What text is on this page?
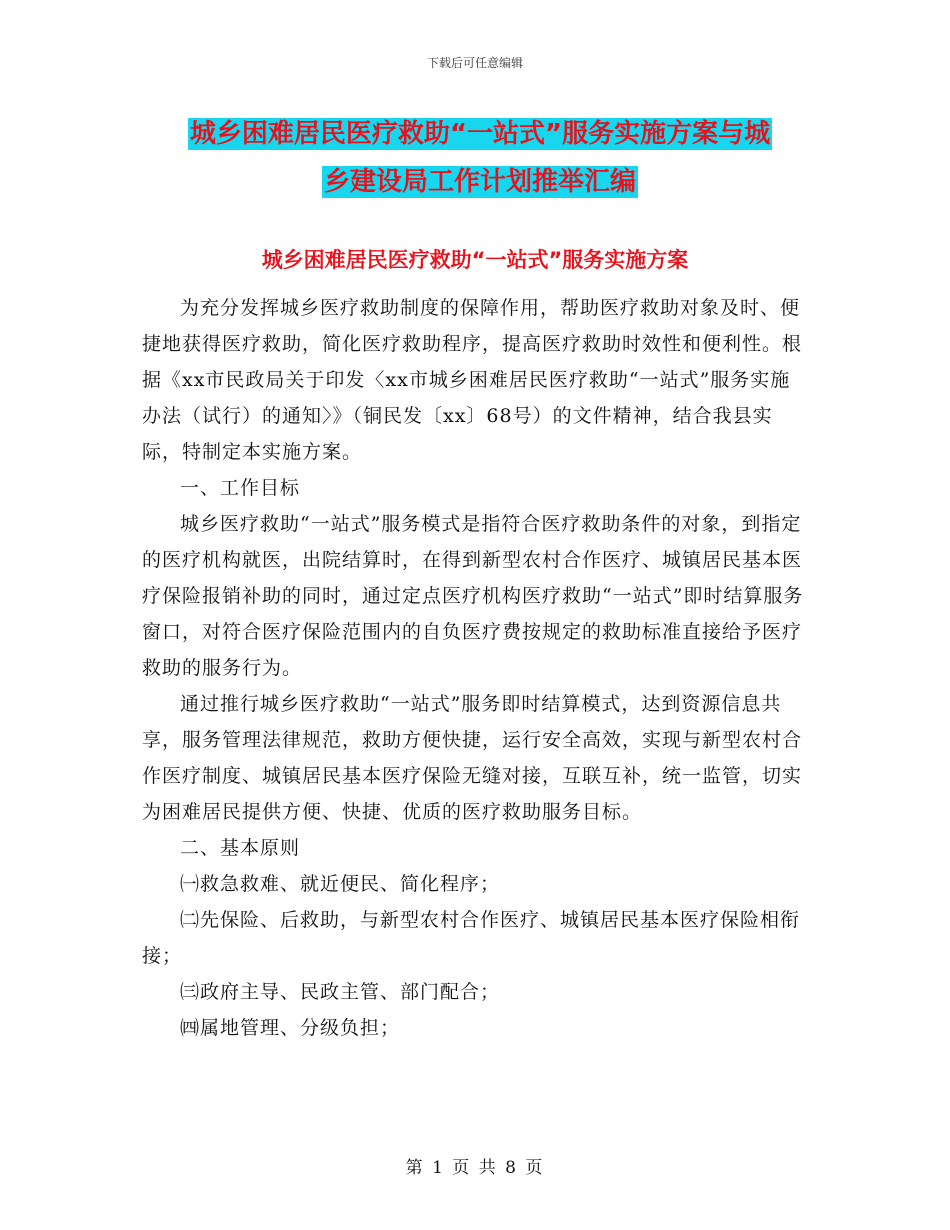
下载后可任意编辑
城乡困难居民医疗救助“一站式”服务实施方案与城
乡建设局工作计划推举汇编
城乡困难居民医疗救助“一站式”服务实施方案

为充分发挥城乡医疗救助制度的保障作用，帮助医疗救助对象及时、便捷地获得医疗救助，简化医疗救助程序，提高医疗救助时效性和便利性。根据《xx市民政局关于印发〈xx市城乡困难居民医疗救助“一站式”服务实施办法（试行）的通知〉》（铜民发〔xx〕68号）的文件精神，结合我县实际，特制定本实施方案。

一、工作目标

城乡医疗救助“一站式”服务模式是指符合医疗救助条件的对象，到指定的医疗机构就医，出院结算时，在得到新型农村合作医疗、城镇居民基本医疗保险报销补助的同时，通过定点医疗机构医疗救助“一站式”即时结算服务窗口，对符合医疗保险范围内的自负医疗费按规定的救助标准直接给予医疗救助的服务行为。

通过推行城乡医疗救助“一站式”服务即时结算模式，达到资源信息共享，服务管理法律规范，救助方便快捷，运行安全高效，实现与新型农村合作医疗制度、城镇居民基本医疗保险无缝对接，互联互补，统一监管，切实为困难居民提供方便、快捷、优质的医疗救助服务目标。

二、基本原则

㈠救急救难、就近便民、简化程序；

㈡先保险、后救助，与新型农村合作医疗、城镇居民基本医疗保险相衔接；

㈢政府主导、民政主管、部门配合；

㈣属地管理、分级负担；

第 1 页 共 8 页
